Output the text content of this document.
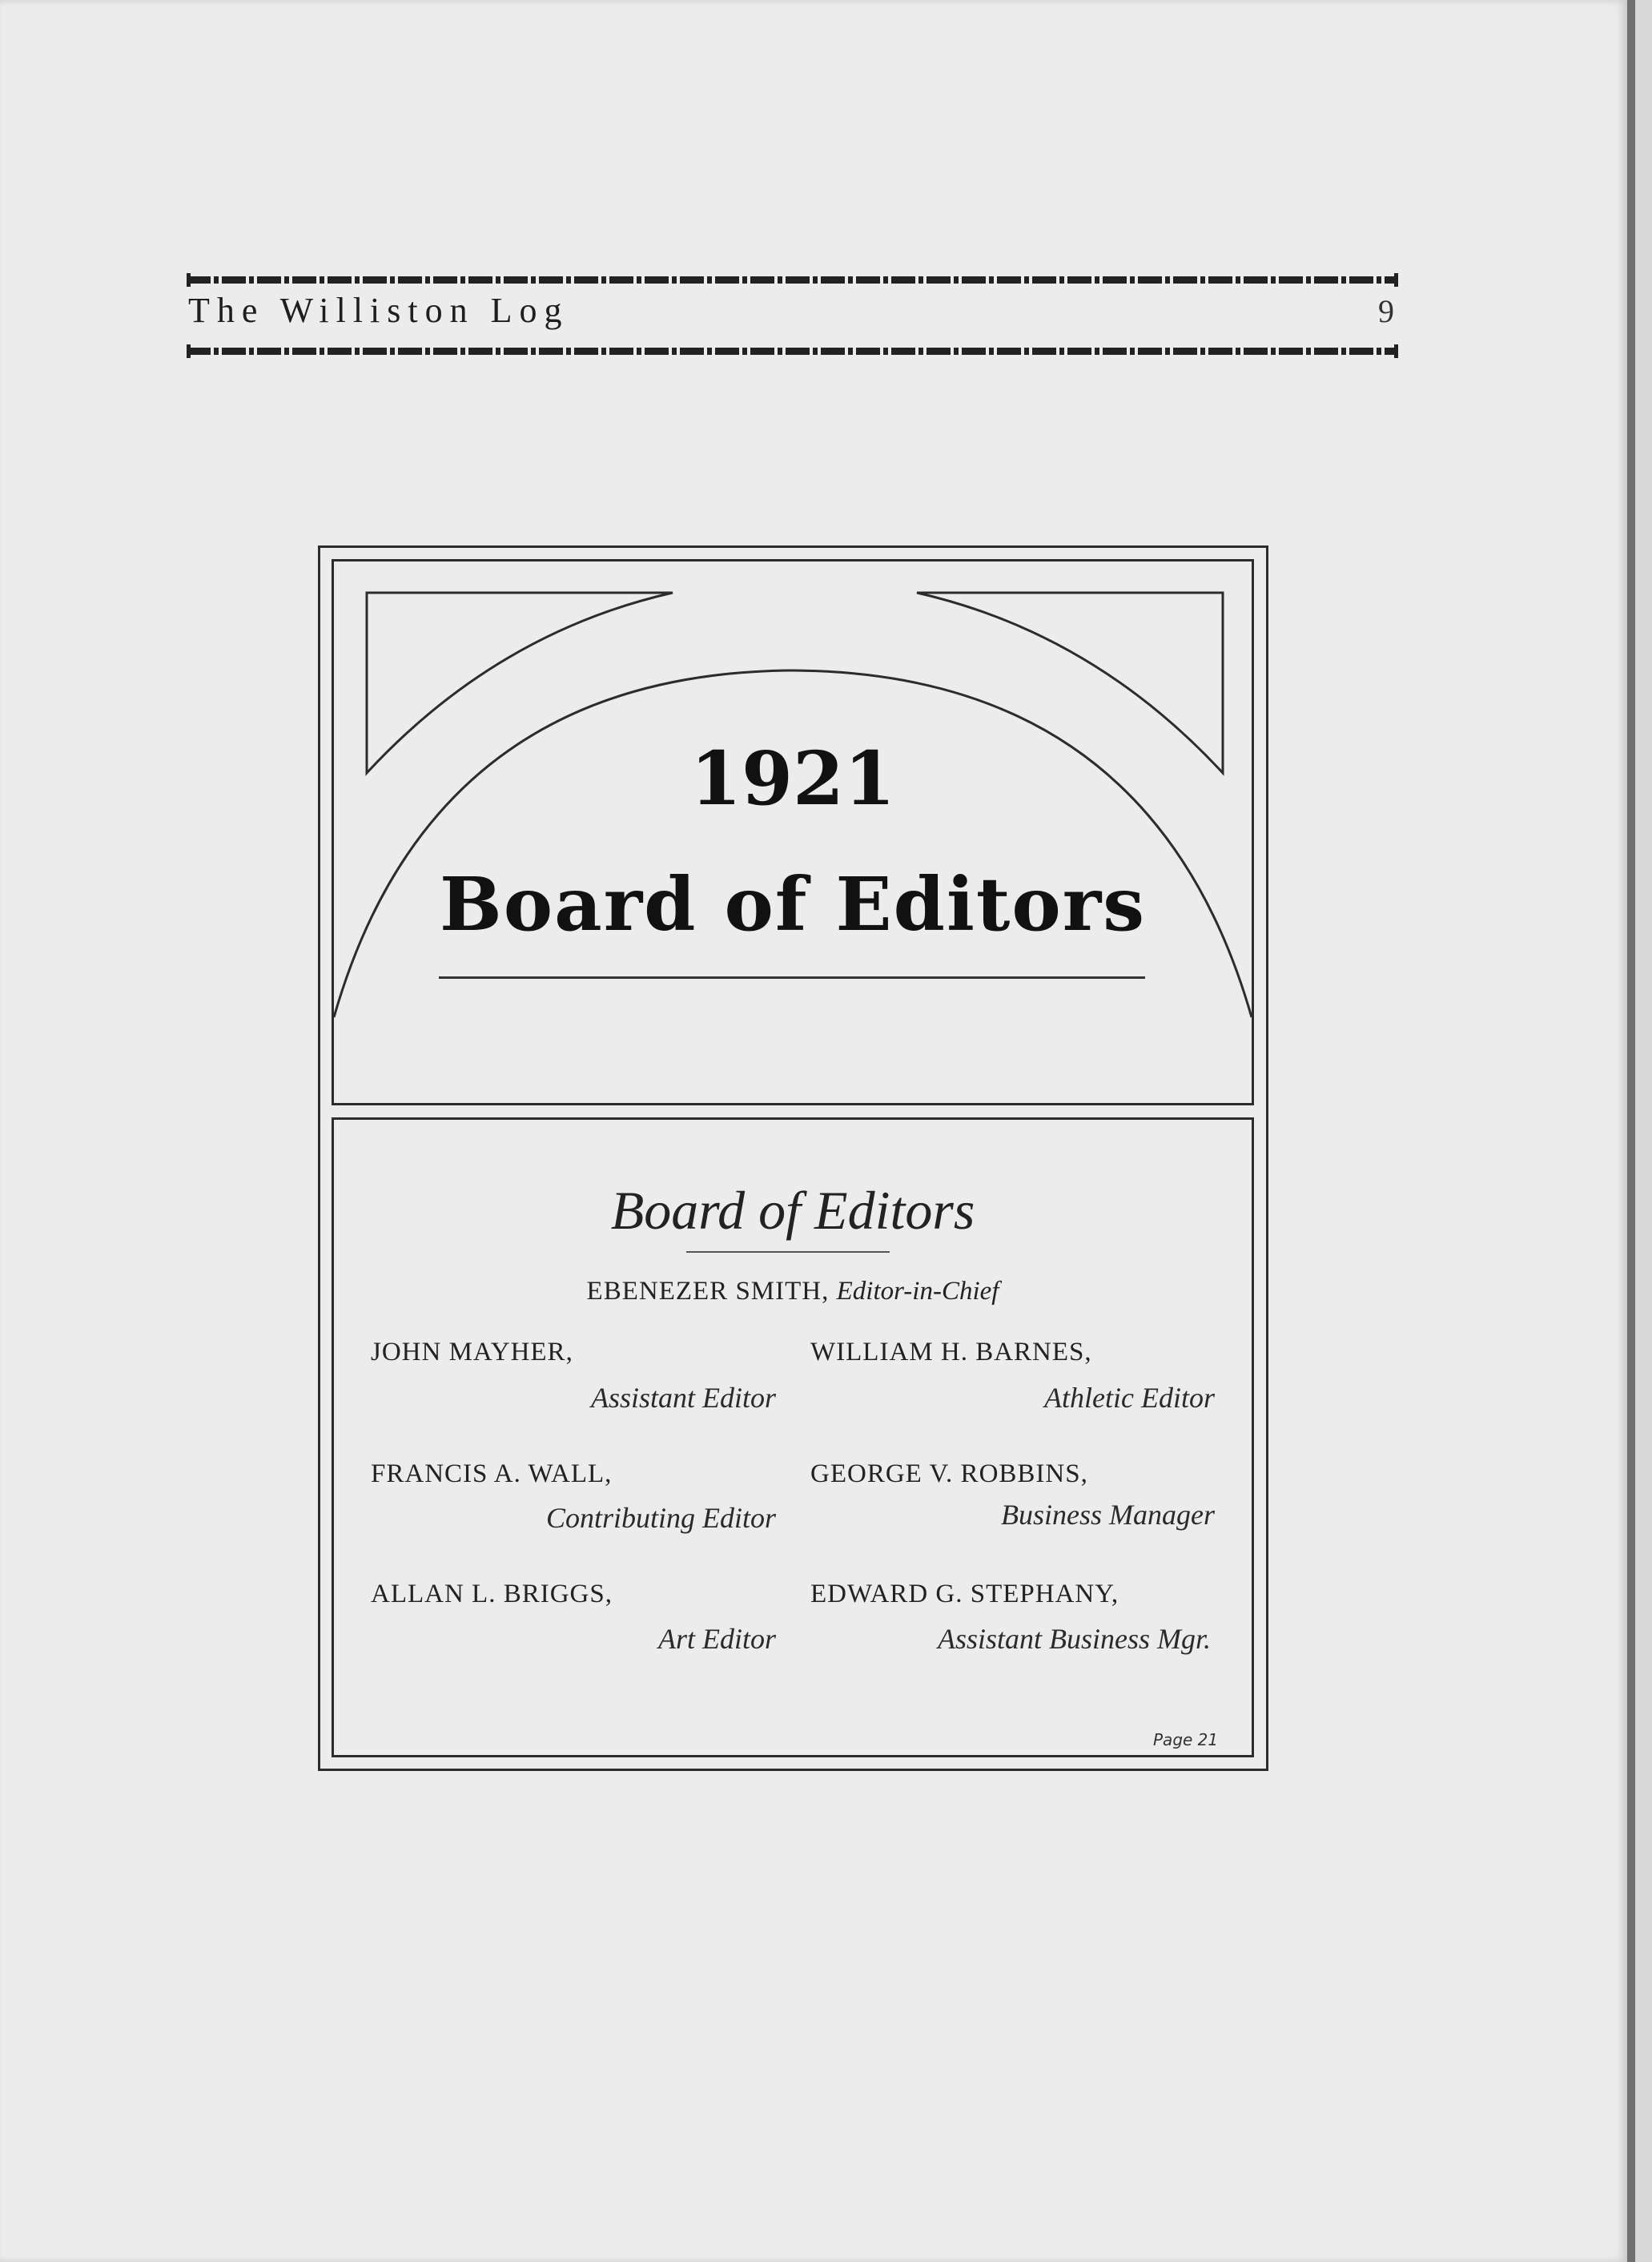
The Williston Log	9
1921
Board of Editors
Board of Editors
EBENEZER SMITH, Editor-in-Chief
JOHN MAYHER,
Assistant Editor
WILLIAM H. BARNES,
Athletic Editor
FRANCIS A. WALL,
Contributing Editor
GEORGE V. ROBBINS,
Business Manager
ALLAN L. BRIGGS,
Art Editor
EDWARD G. STEPHANY,
Assistant Business Mgr.
Page 21
